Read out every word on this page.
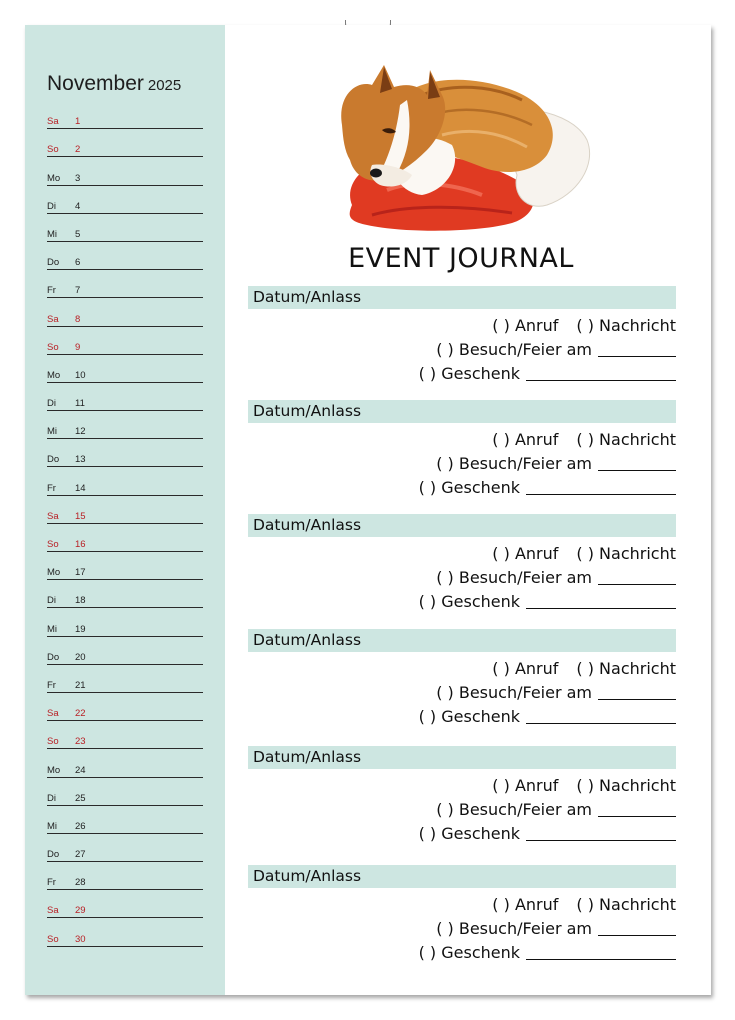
November 2025
Sa	1
So	2
Mo	3
Di	4
Mi	5
Do	6
Fr	7
Sa	8
So	9
Mo	10
Di	11
Mi	12
Do	13
Fr	14
Sa	15
So	16
Mo	17
Di	18
Mi	19
Do	20
Fr	21
Sa	22
So	23
Mo	24
Di	25
Mi	26
Do	27
Fr	28
Sa	29
So	30
EVENT JOURNAL
Datum/Anlass
( ) Anruf ( ) Nachricht
( ) Besuch/Feier am
( ) Geschenk
Datum/Anlass
( ) Anruf ( ) Nachricht
( ) Besuch/Feier am
( ) Geschenk
Datum/Anlass
( ) Anruf ( ) Nachricht
( ) Besuch/Feier am
( ) Geschenk
Datum/Anlass
( ) Anruf ( ) Nachricht
( ) Besuch/Feier am
( ) Geschenk
Datum/Anlass
( ) Anruf ( ) Nachricht
( ) Besuch/Feier am
( ) Geschenk
Datum/Anlass
( ) Anruf ( ) Nachricht
( ) Besuch/Feier am
( ) Geschenk
